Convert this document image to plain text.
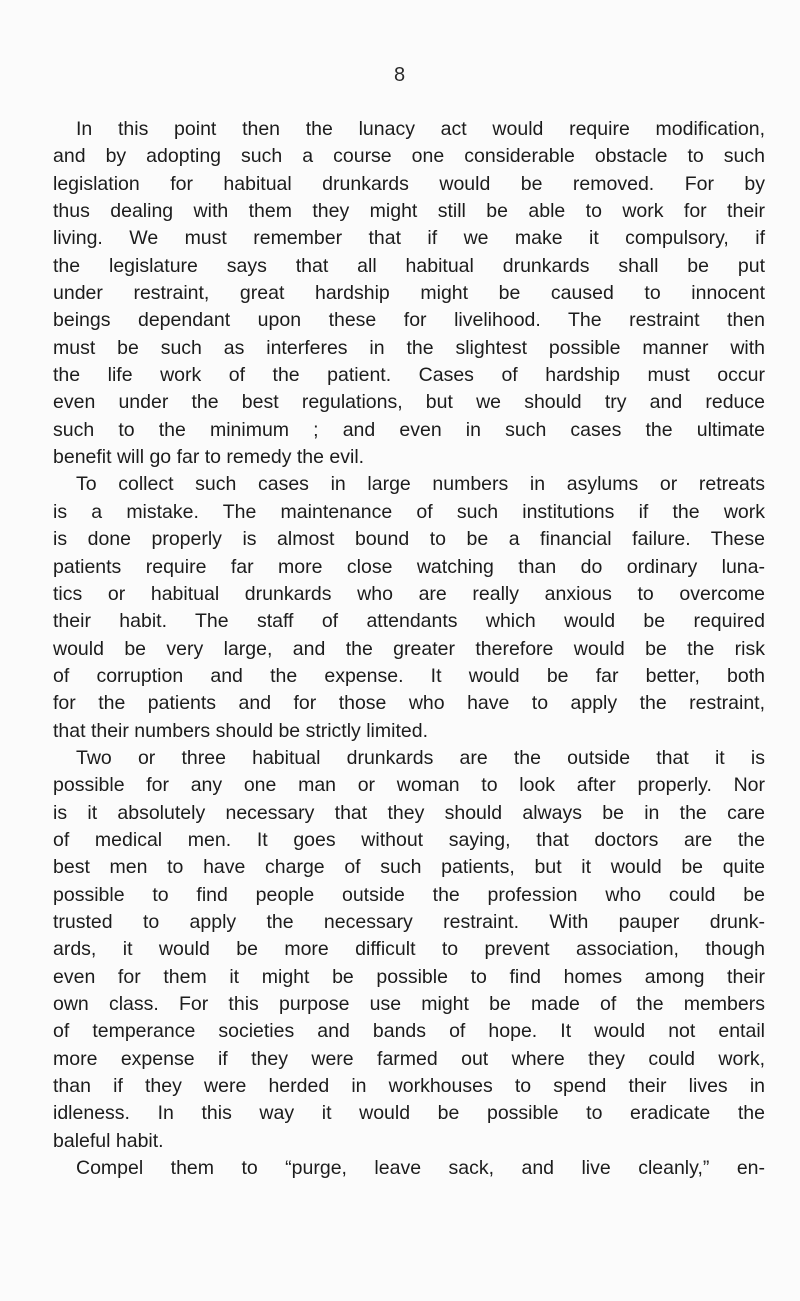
8
In this point then the lunacy act would require modification,
and by adopting such a course one considerable obstacle to such
legislation for habitual drunkards would be removed. For by
thus dealing with them they might still be able to work for their
living. We must remember that if we make it compulsory, if
the legislature says that all habitual drunkards shall be put
under restraint, great hardship might be caused to innocent
beings dependant upon these for livelihood. The restraint then
must be such as interferes in the slightest possible manner with
the life work of the patient. Cases of hardship must occur
even under the best regulations, but we should try and reduce
such to the minimum ; and even in such cases the ultimate
benefit will go far to remedy the evil.
To collect such cases in large numbers in asylums or retreats
is a mistake. The maintenance of such institutions if the work
is done properly is almost bound to be a financial failure. These
patients require far more close watching than do ordinary luna-
tics or habitual drunkards who are really anxious to overcome
their habit. The staff of attendants which would be required
would be very large, and the greater therefore would be the risk
of corruption and the expense. It would be far better, both
for the patients and for those who have to apply the restraint,
that their numbers should be strictly limited.
Two or three habitual drunkards are the outside that it is
possible for any one man or woman to look after properly. Nor
is it absolutely necessary that they should always be in the care
of medical men. It goes without saying, that doctors are the
best men to have charge of such patients, but it would be quite
possible to find people outside the profession who could be
trusted to apply the necessary restraint. With pauper drunk-
ards, it would be more difficult to prevent association, though
even for them it might be possible to find homes among their
own class. For this purpose use might be made of the members
of temperance societies and bands of hope. It would not entail
more expense if they were farmed out where they could work,
than if they were herded in workhouses to spend their lives in
idleness. In this way it would be possible to eradicate the
baleful habit.
Compel them to “purge, leave sack, and live cleanly,” en-
